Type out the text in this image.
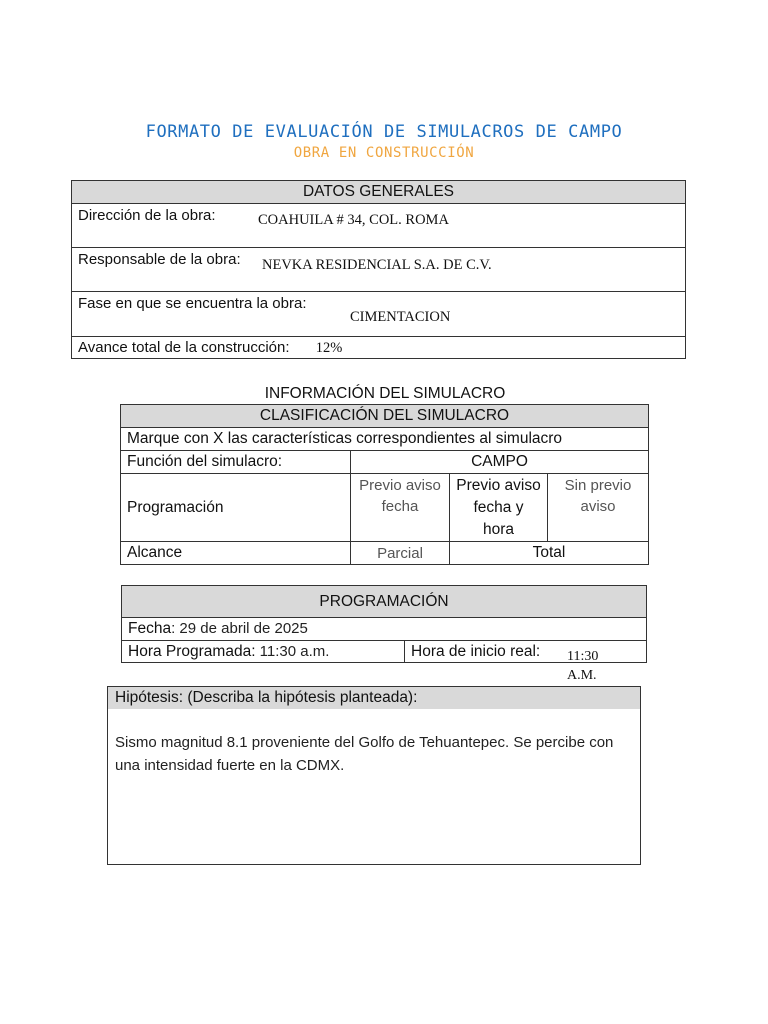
FORMATO DE EVALUACIÓN DE SIMULACROS DE CAMPO
OBRA EN CONSTRUCCIÓN
DATOS GENERALES

Dirección de la obra:	COAHUILA # 34, COL. ROMA

Responsable de la obra:	NEVKA RESIDENCIAL S.A. DE C.V.

Fase en que se encuentra la obra:
CIMENTACION

Avance total de la construcción: 12%
INFORMACIÓN DEL SIMULACRO
CLASIFICACIÓN DEL SIMULACRO			
Marque con X las características correspondientes al simulacro			
Función del simulacro:	CAMPO		
Programación	Previo aviso fecha	Previo aviso fecha y hora	Sin previo aviso
Alcance	Parcial	Total	
PROGRAMACIÓN
Fecha: 29 de abril de 2025
Hora Programada: 11:30 a.m.	Hora de inicio real: 11:30
A.M.
Hipótesis: (Describa la hipótesis planteada):
Sismo magnitud 8.1 proveniente del Golfo de Tehuantepec. Se percibe con
una intensidad fuerte en la CDMX.
